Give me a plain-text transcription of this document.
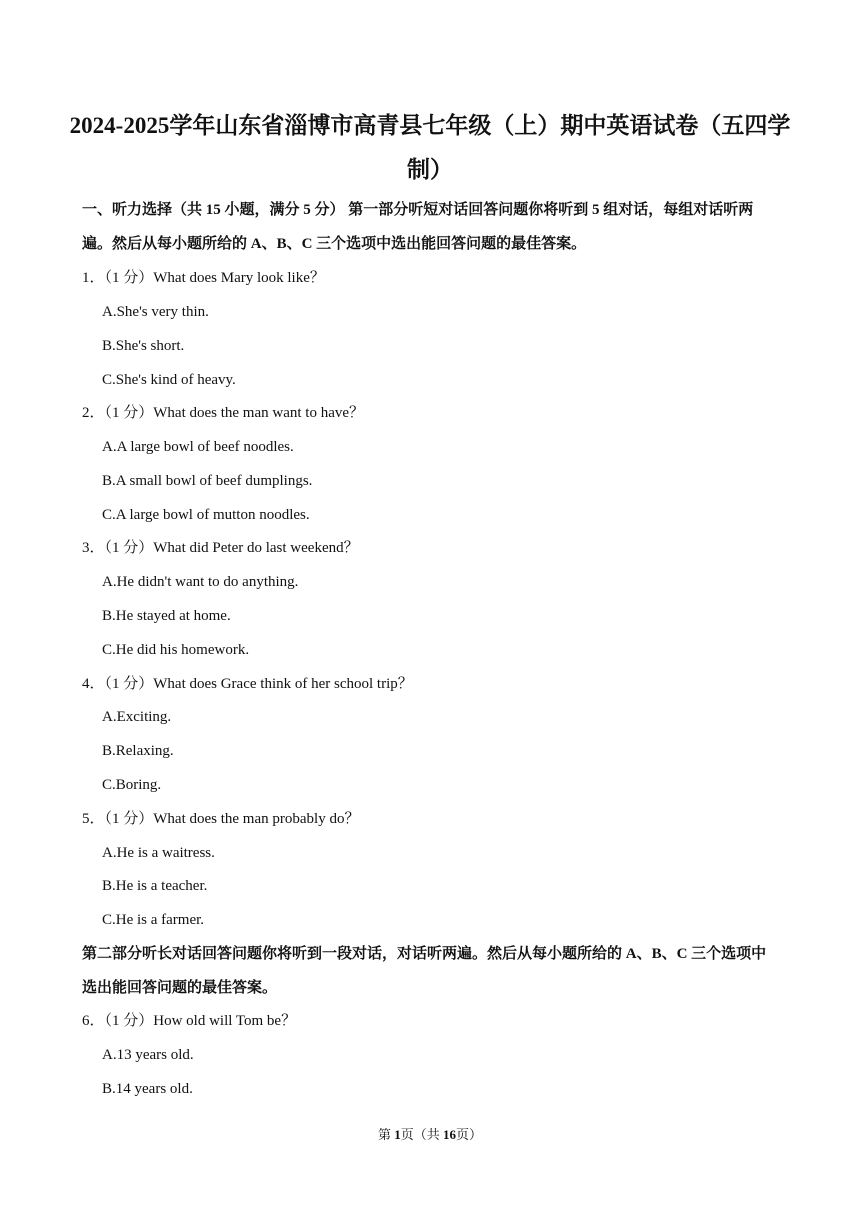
2024-2025学年山东省淄博市高青县七年级（上）期中英语试卷（五四学
制）
一、听力选择（共 15 小题，满分 5 分） 第一部分听短对话回答问题你将听到 5 组对话，每组对话听两
遍。然后从每小题所给的 A、B、C 三个选项中选出能回答问题的最佳答案。
1．（1 分）What does Mary look like？
A.She's very thin.
B.She's short.
C.She's kind of heavy.
2．（1 分）What does the man want to have？
A.A large bowl of beef noodles.
B.A small bowl of beef dumplings.
C.A large bowl of mutton noodles.
3．（1 分）What did Peter do last weekend？
A.He didn't want to do anything.
B.He stayed at home.
C.He did his homework.
4．（1 分）What does Grace think of her school trip？
A.Exciting.
B.Relaxing.
C.Boring.
5．（1 分）What does the man probably do？
A.He is a waitress.
B.He is a teacher.
C.He is a farmer.
第二部分听长对话回答问题你将听到一段对话，对话听两遍。然后从每小题所给的 A、B、C 三个选项中
选出能回答问题的最佳答案。
6．（1 分）How old will Tom be？
A.13 years old.
B.14 years old.
第 1页（共 16页）
